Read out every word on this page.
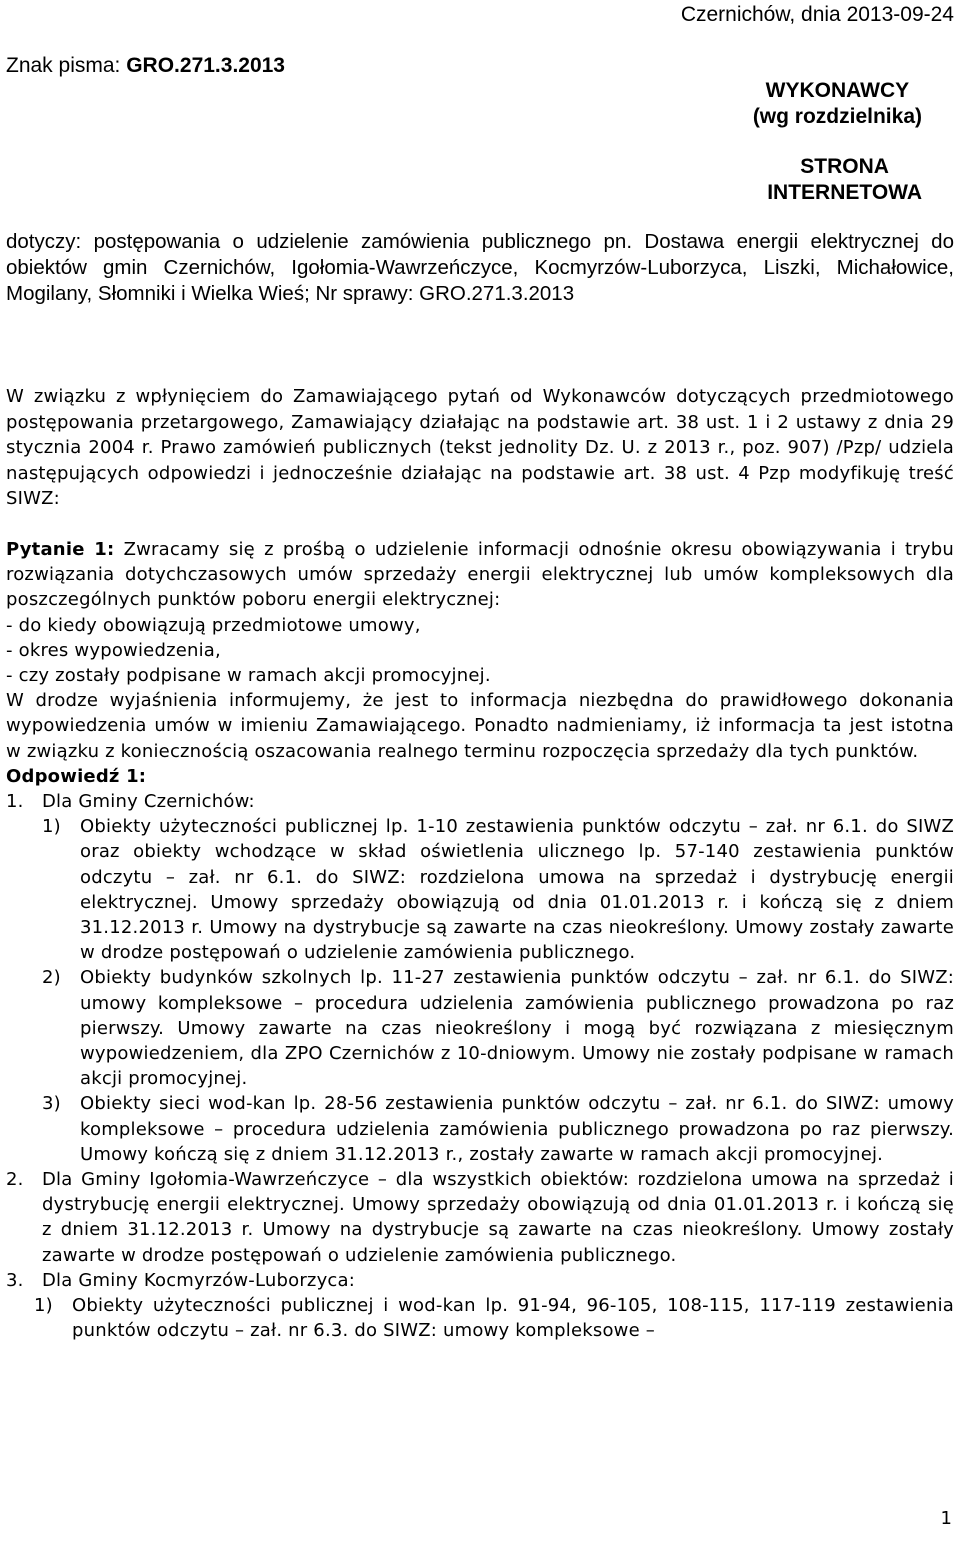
Czernichów, dnia 2013-09-24
Znak pisma: GRO.271.3.2013
WYKONAWCY
(wg rozdzielnika)
STRONA
INTERNETOWA

dotyczy: postępowania o udzielenie zamówienia publicznego pn. Dostawa energii elektrycznej do obiektów gmin Czernichów, Igołomia-Wawrzeńczyce, Kocmyrzów-Luborzyca, Liszki, Michałowice, Mogilany, Słomniki i Wielka Wieś; Nr sprawy: GRO.271.3.2013

W związku z wpłynięciem do Zamawiającego pytań od Wykonawców dotyczących przedmiotowego postępowania przetargowego, Zamawiający działając na podstawie art. 38 ust. 1 i 2 ustawy z dnia 29 stycznia 2004 r. Prawo zamówień publicznych (tekst jednolity Dz. U. z 2013 r., poz. 907) /Pzp/ udziela następujących odpowiedzi i jednocześnie działając na podstawie art. 38 ust. 4 Pzp modyfikuję treść SIWZ:

Pytanie 1: Zwracamy się z prośbą o udzielenie informacji odnośnie okresu obowiązywania i trybu rozwiązania dotychczasowych umów sprzedaży energii elektrycznej lub umów kompleksowych dla poszczególnych punktów poboru energii elektrycznej:

- do kiedy obowiązują przedmiotowe umowy,

- okres wypowiedzenia,

- czy zostały podpisane w ramach akcji promocyjnej.

W drodze wyjaśnienia informujemy, że jest to informacja niezbędna do prawidłowego dokonania wypowiedzenia umów w imieniu Zamawiającego. Ponadto nadmieniamy, iż informacja ta jest istotna w związku z koniecznością oszacowania realnego terminu rozpoczęcia sprzedaży dla tych punktów.

Odpowiedź 1:

1.	Dla Gminy Czernichów:
1)	Obiekty użyteczności publicznej lp. 1-10 zestawienia punktów odczytu – zał. nr 6.1. do SIWZ oraz obiekty wchodzące w skład oświetlenia ulicznego lp. 57-140 zestawienia punktów odczytu – zał. nr 6.1. do SIWZ: rozdzielona umowa na sprzedaż i dystrybucję energii elektrycznej. Umowy sprzedaży obowiązują od dnia 01.01.2013 r. i kończą się z dniem 31.12.2013 r. Umowy na dystrybucje są zawarte na czas nieokreślony. Umowy zostały zawarte w drodze postępowań o udzielenie zamówienia publicznego.
2)	Obiekty budynków szkolnych lp. 11-27 zestawienia punktów odczytu – zał. nr 6.1. do SIWZ: umowy kompleksowe – procedura udzielenia zamówienia publicznego prowadzona po raz pierwszy. Umowy zawarte na czas nieokreślony i mogą być rozwiązana z miesięcznym wypowiedzeniem, dla ZPO Czernichów z 10-dniowym. Umowy nie zostały podpisane w ramach akcji promocyjnej.
3)	Obiekty sieci wod-kan lp. 28-56 zestawienia punktów odczytu – zał. nr 6.1. do SIWZ: umowy kompleksowe – procedura udzielenia zamówienia publicznego prowadzona po raz pierwszy. Umowy kończą się z dniem 31.12.2013 r., zostały zawarte w ramach akcji promocyjnej.
2.	Dla Gminy Igołomia-Wawrzeńczyce – dla wszystkich obiektów: rozdzielona umowa na sprzedaż i dystrybucję energii elektrycznej. Umowy sprzedaży obowiązują od dnia 01.01.2013 r. i kończą się z dniem 31.12.2013 r. Umowy na dystrybucje są zawarte na czas nieokreślony. Umowy zostały zawarte w drodze postępowań o udzielenie zamówienia publicznego.
3.	Dla Gminy Kocmyrzów-Luborzyca:
1)	Obiekty użyteczności publicznej i wod-kan lp. 91-94, 96-105, 108-115, 117-119 zestawienia punktów odczytu – zał. nr 6.3. do SIWZ: umowy kompleksowe –
1
